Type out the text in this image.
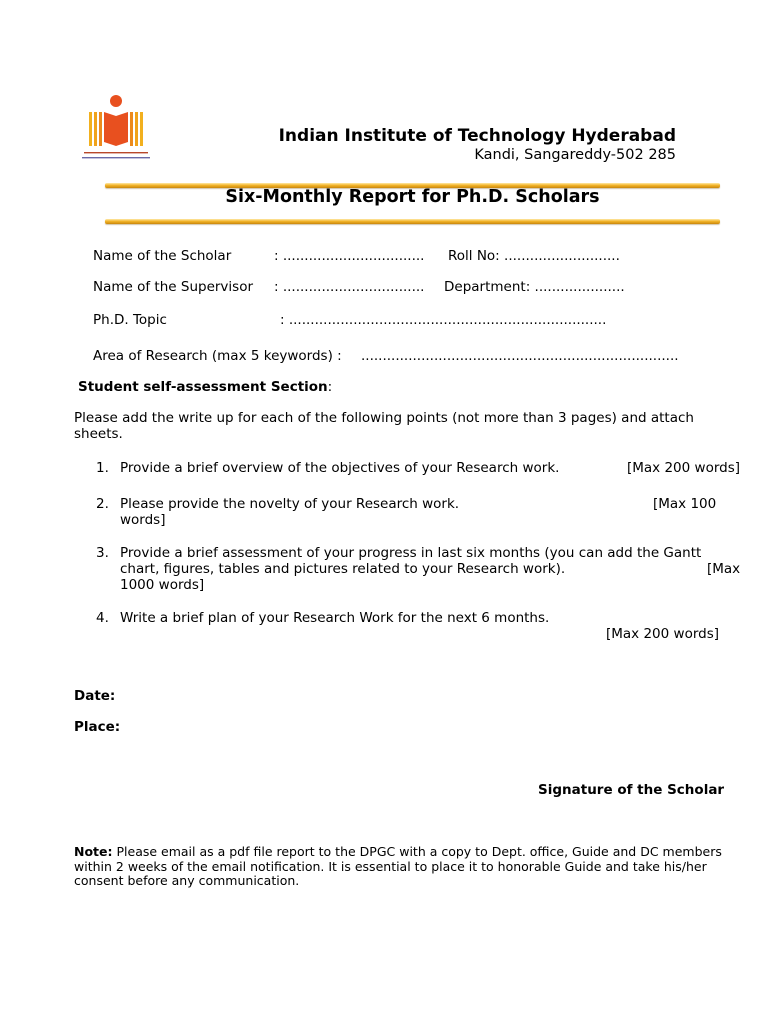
Indian Institute of Technology Hyderabad
Kandi, Sangareddy-502 285
Six-Monthly Report for Ph.D. Scholars
Name of the Scholar	: ................................. Roll No: ...........................
Name of the Supervisor : ................................. Department: .....................
Ph.D. Topic	: ..........................................................................
Area of Research (max 5 keywords) : ..........................................................................
Student self-assessment Section:
Please add the write up for each of the following points (not more than 3 pages) and attach sheets.
1. Provide a brief overview of the objectives of your Research work.	[Max 200 words]
2. Please provide the novelty of your Research work.	[Max 100
words]
3. Provide a brief assessment of your progress in last six months (you can add the Gantt chart, figures, tables and pictures related to your Research work).	[Max
1000 words]
4. Write a brief plan of your Research Work for the next 6 months.
[Max 200 words]
Date:
Place:
Signature of the Scholar
Note: Please email as a pdf file report to the DPGC with a copy to Dept. office, Guide and DC members within 2 weeks of the email notification. It is essential to place it to honorable Guide and take his/her consent before any communication.
